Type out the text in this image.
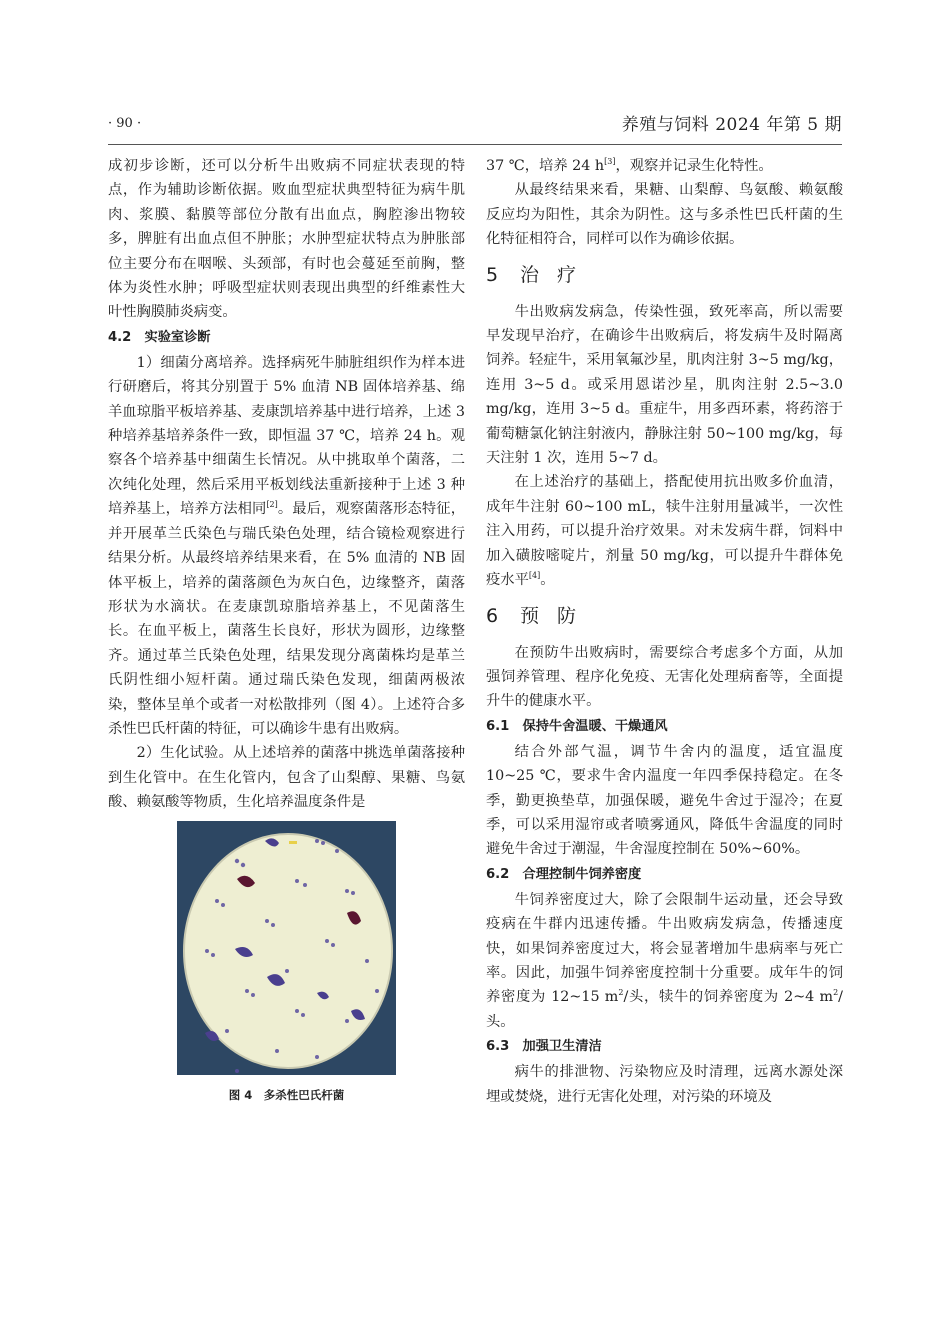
· 90 ·	养殖与饲料 2024 年第 5 期

成初步诊断，还可以分析牛出败病不同症状表现的特点，作为辅助诊断依据。败血型症状典型特征为病牛肌肉、浆膜、黏膜等部位分散有出血点，胸腔渗出物较多，脾脏有出血点但不肿胀；水肿型症状特点为肿胀部位主要分布在咽喉、头颈部，有时也会蔓延至前胸，整体为炎性水肿；呼吸型症状则表现出典型的纤维素性大叶性胸膜肺炎病变。

4.2　实验室诊断

1）细菌分离培养。选择病死牛肺脏组织作为样本进行研磨后，将其分别置于 5% 血清 NB 固体培养基、绵羊血琼脂平板培养基、麦康凯培养基中进行培养，上述 3 种培养基培养条件一致，即恒温 37 ℃，培养 24 h。观察各个培养基中细菌生长情况。从中挑取单个菌落，二次纯化处理，然后采用平板划线法重新接种于上述 3 种培养基上，培养方法相同[2]。最后，观察菌落形态特征，并开展革兰氏染色与瑞氏染色处理，结合镜检观察进行结果分析。从最终培养结果来看，在 5% 血清的 NB 固体平板上，培养的菌落颜色为灰白色，边缘整齐，菌落形状为水滴状。在麦康凯琼脂培养基上，不见菌落生长。在血平板上，菌落生长良好，形状为圆形，边缘整齐。通过革兰氏染色处理，结果发现分离菌株均是革兰氏阴性细小短杆菌。通过瑞氏染色发现，细菌两极浓染，整体呈单个或者一对松散排列（图 4）。上述符合多杀性巴氏杆菌的特征，可以确诊牛患有出败病。

2）生化试验。从上述培养的菌落中挑选单菌落接种到生化管中。在生化管内，包含了山梨醇、果糖、鸟氨酸、赖氨酸等物质，生化培养温度条件是

图 4　多杀性巴氏杆菌

37 ℃，培养 24 h[3]，观察并记录生化特性。

从最终结果来看，果糖、山梨醇、鸟氨酸、赖氨酸反应均为阳性，其余为阴性。这与多杀性巴氏杆菌的生化特征相符合，同样可以作为确诊依据。

5 治疗

牛出败病发病急，传染性强，致死率高，所以需要早发现早治疗，在确诊牛出败病后，将发病牛及时隔离饲养。轻症牛，采用氧氟沙星，肌肉注射 3~5 mg/kg，连用 3~5 d。或采用恩诺沙星，肌肉注射 2.5~3.0 mg/kg，连用 3~5 d。重症牛，用多西环素，将药溶于葡萄糖氯化钠注射液内，静脉注射 50~100 mg/kg，每天注射 1 次，连用 5~7 d。

在上述治疗的基础上，搭配使用抗出败多价血清，成年牛注射 60~100 mL，犊牛注射用量减半，一次性注入用药，可以提升治疗效果。对未发病牛群，饲料中加入磺胺嘧啶片，剂量 50 mg/kg，可以提升牛群体免疫水平[4]。

6 预防

在预防牛出败病时，需要综合考虑多个方面，从加强饲养管理、程序化免疫、无害化处理病畜等，全面提升牛的健康水平。

6.1　保持牛舍温暖、干燥通风

结合外部气温，调节牛舍内的温度，适宜温度 10~25 ℃，要求牛舍内温度一年四季保持稳定。在冬季，勤更换垫草，加强保暖，避免牛舍过于湿冷；在夏季，可以采用湿帘或者喷雾通风，降低牛舍温度的同时避免牛舍过于潮湿，牛舍湿度控制在 50%~60%。

6.2　合理控制牛饲养密度

牛饲养密度过大，除了会限制牛运动量，还会导致疫病在牛群内迅速传播。牛出败病发病急，传播速度快，如果饲养密度过大，将会显著增加牛患病率与死亡率。因此，加强牛饲养密度控制十分重要。成年牛的饲养密度为 12~15 $m^2/$头，犊牛的饲养密度为 2~4 $m^2/$头。

6.3　加强卫生清洁

病牛的排泄物、污染物应及时清理，远离水源处深埋或焚烧，进行无害化处理，对污染的环境及
